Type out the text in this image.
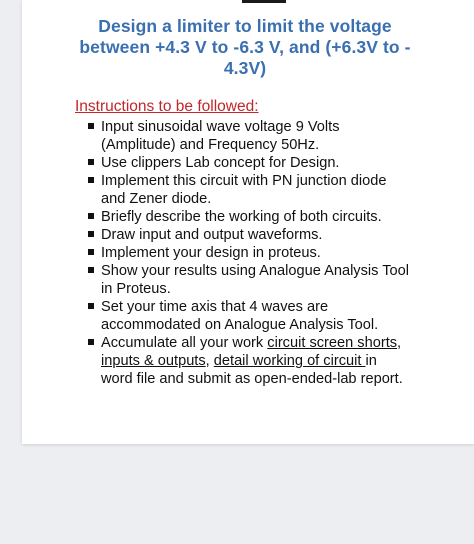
Design a limiter to limit the voltage
between +4.3 V to -6.3 V, and (+6.3V to -
4.3V)
Instructions to be followed:
Input sinusoidal wave voltage 9 Volts
(Amplitude) and Frequency 50Hz.
Use clippers Lab concept for Design.
Implement this circuit with PN junction diode
and Zener diode.
Briefly describe the working of both circuits.
Draw input and output waveforms.
Implement your design in proteus.
Show your results using Analogue Analysis Tool
in Proteus.
Set your time axis that 4 waves are
accommodated on Analogue Analysis Tool.
Accumulate all your work circuit screen shorts,
inputs & outputs, detail working of circuit in
word file and submit as open-ended-lab report.
